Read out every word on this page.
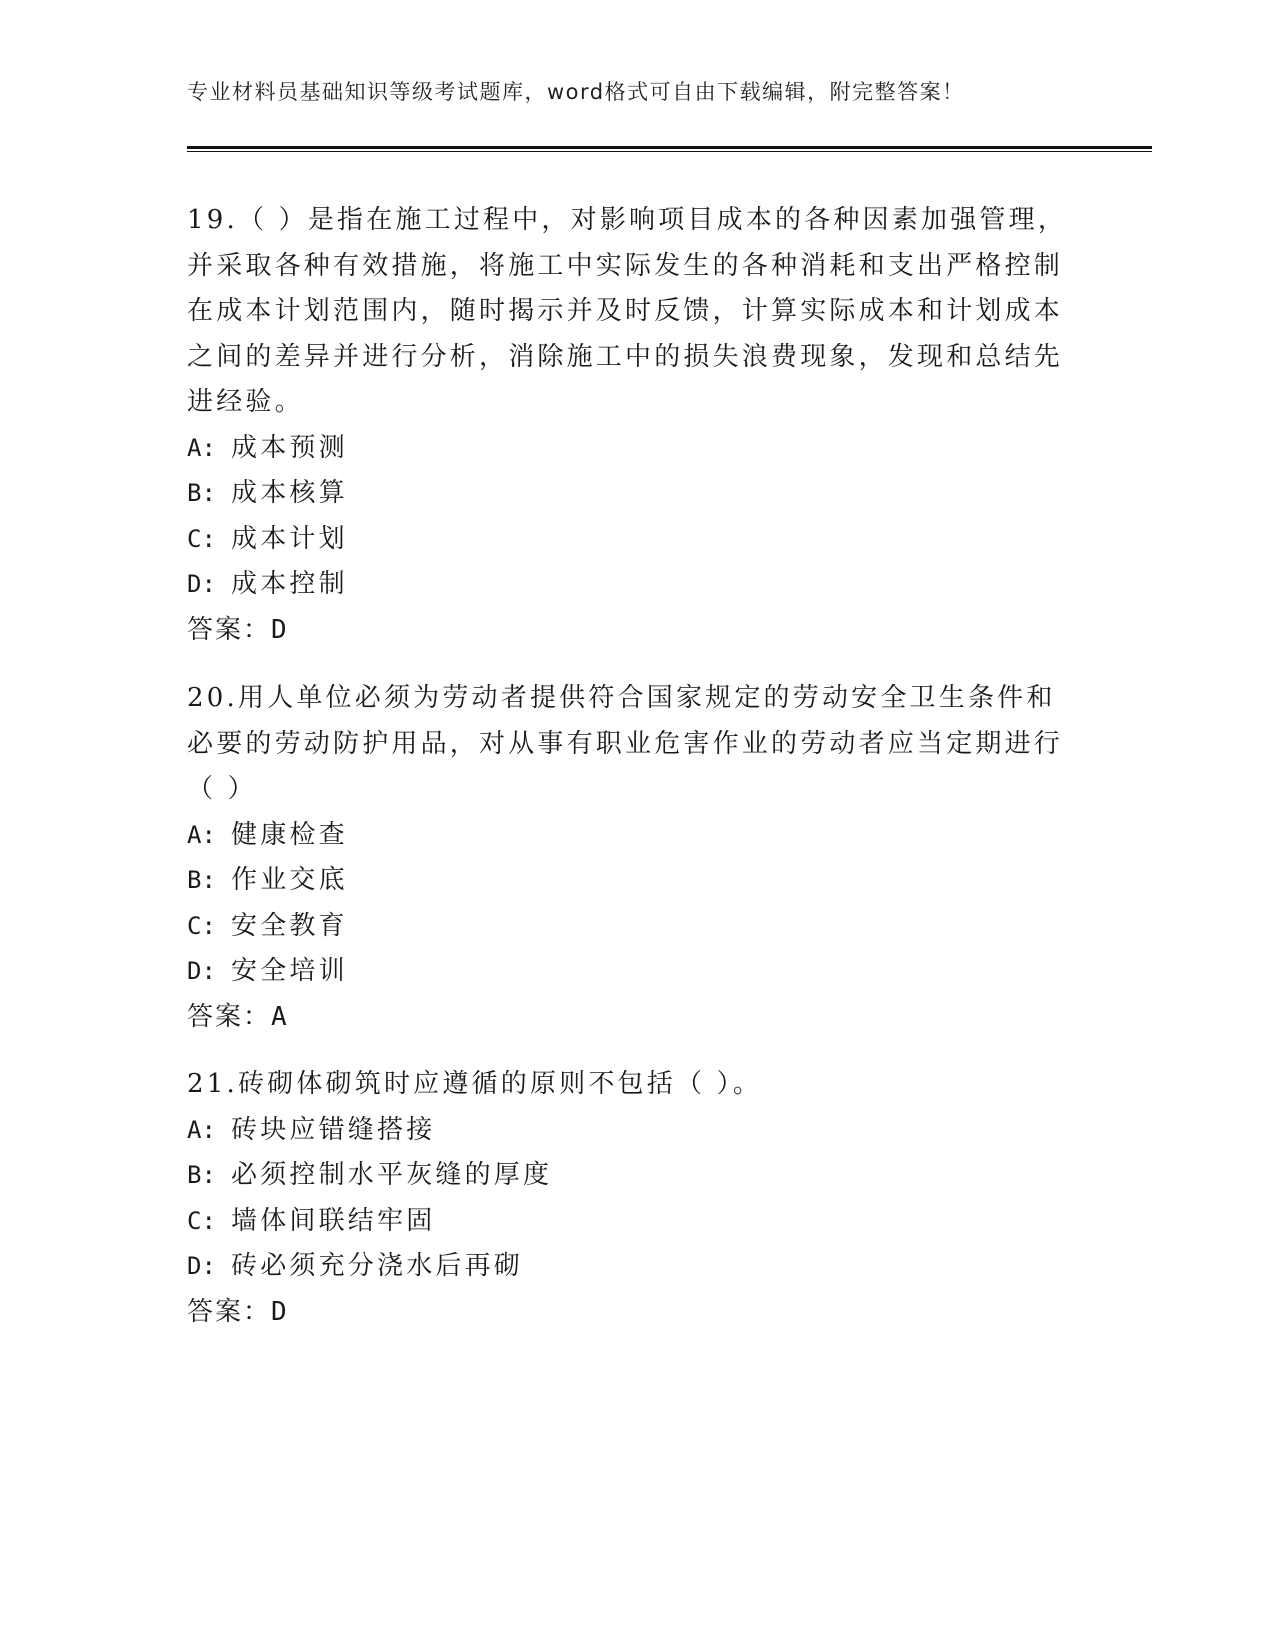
专业材料员基础知识等级考试题库，word格式可自由下载编辑，附完整答案！

19.（ ）是指在施工过程中，对影响项目成本的各种因素加强管理，并采取各种有效措施，将施工中实际发生的各种消耗和支出严格控制在成本计划范围内，随时揭示并及时反馈，计算实际成本和计划成本之间的差异并进行分析，消除施工中的损失浪费现象，发现和总结先进经验。

A: 成本预测
B: 成本核算
C: 成本计划
D: 成本控制
答案：D

20.用人单位必须为劳动者提供符合国家规定的劳动安全卫生条件和必要的劳动防护用品，对从事有职业危害作业的劳动者应当定期进行（ ）

A: 健康检查
B: 作业交底
C: 安全教育
D: 安全培训
答案：A

21.砖砌体砌筑时应遵循的原则不包括（ ）。

A: 砖块应错缝搭接
B: 必须控制水平灰缝的厚度
C: 墙体间联结牢固
D: 砖必须充分浇水后再砌
答案：D
